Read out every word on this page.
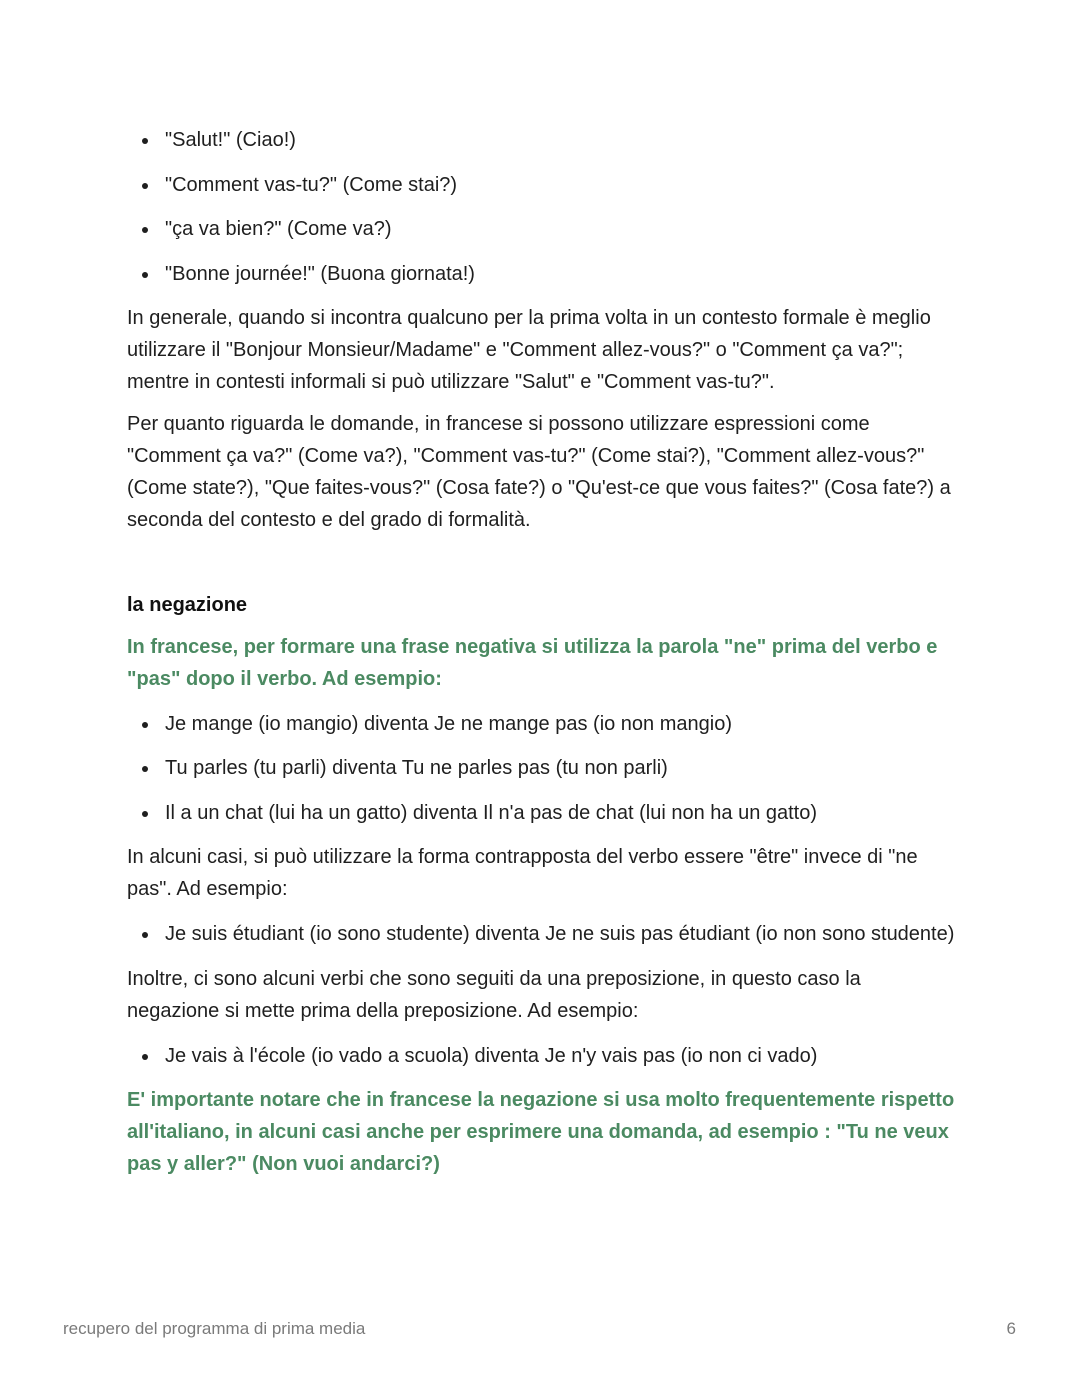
"Salut!" (Ciao!)
"Comment vas-tu?" (Come stai?)
"ça va bien?" (Come va?)
"Bonne journée!" (Buona giornata!)

In generale, quando si incontra qualcuno per la prima volta in un contesto formale è meglio utilizzare il "Bonjour Monsieur/Madame" e "Comment allez-vous?" o "Comment ça va?"; mentre in contesti informali si può utilizzare "Salut" e "Comment vas-tu?".

Per quanto riguarda le domande, in francese si possono utilizzare espressioni come "Comment ça va?" (Come va?), "Comment vas-tu?" (Come stai?), "Comment allez-vous?" (Come state?), "Que faites-vous?" (Cosa fate?) o "Qu'est-ce que vous faites?" (Cosa fate?) a seconda del contesto e del grado di formalità.

la negazione

In francese, per formare una frase negativa si utilizza la parola "ne" prima del verbo e "pas" dopo il verbo. Ad esempio:

Je mange (io mangio) diventa Je ne mange pas (io non mangio)
Tu parles (tu parli) diventa Tu ne parles pas (tu non parli)
Il a un chat (lui ha un gatto) diventa Il n'a pas de chat (lui non ha un gatto)

In alcuni casi, si può utilizzare la forma contrapposta del verbo essere "être" invece di "ne pas". Ad esempio:

Je suis étudiant (io sono studente) diventa Je ne suis pas étudiant (io non sono studente)

Inoltre, ci sono alcuni verbi che sono seguiti da una preposizione, in questo caso la negazione si mette prima della preposizione. Ad esempio:

Je vais à l'école (io vado a scuola) diventa Je n'y vais pas (io non ci vado)

E' importante notare che in francese la negazione si usa molto frequentemente rispetto all'italiano, in alcuni casi anche per esprimere una domanda, ad esempio : "Tu ne veux pas y aller?" (Non vuoi andarci?)

recupero del programma di prima media	6
